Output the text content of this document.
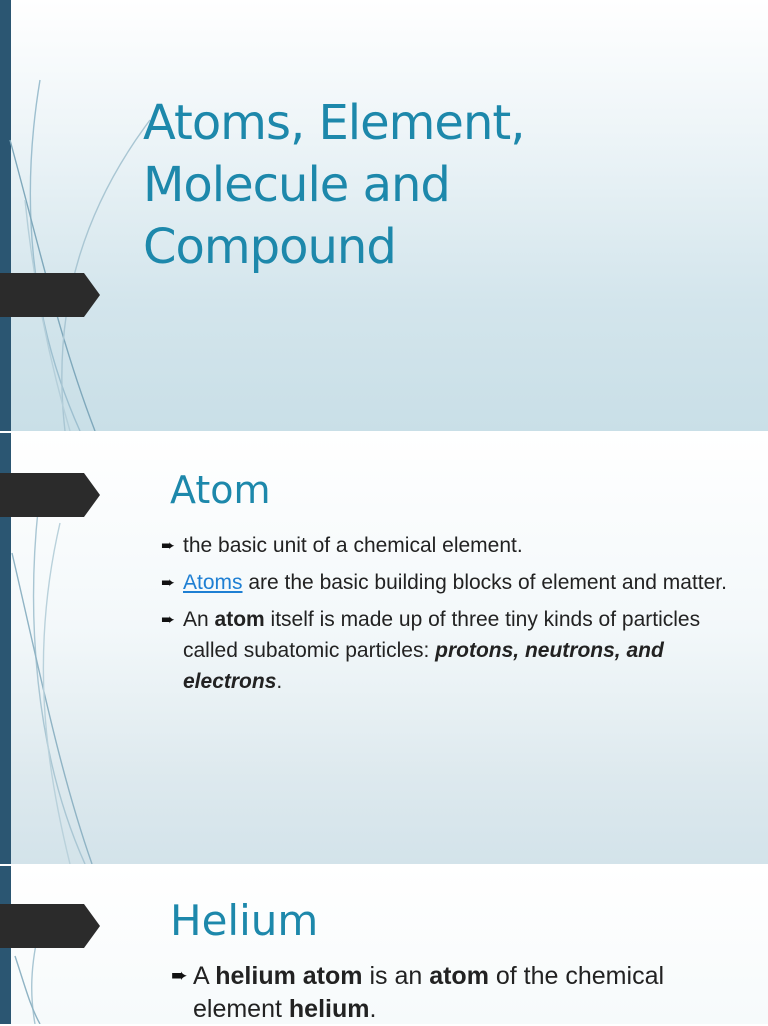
Atoms, Element,
Molecule and
Compound
Atom
➨ the basic unit of a chemical element.
➨ Atoms are the basic building blocks of element and matter.
➨ An atom itself is made up of three tiny kinds of particles called subatomic particles: protons, neutrons, and electrons.
Helium
➨ A helium atom is an atom of the chemical element helium.
